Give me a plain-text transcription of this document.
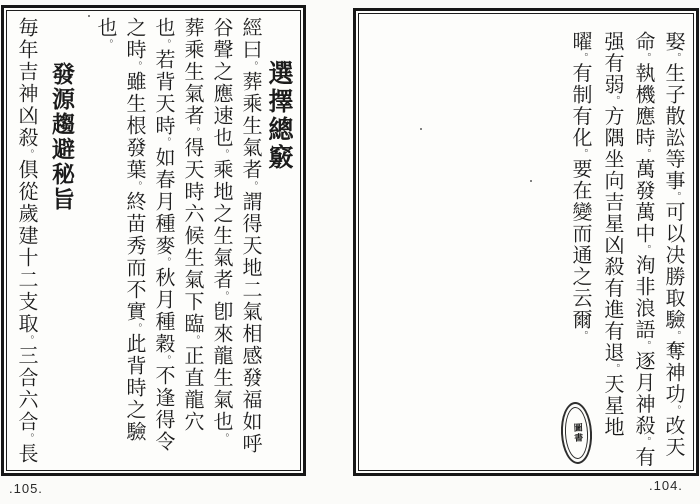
選擇總竅
經曰。葬乘生氣者。謂得天地二氣相感發福如呼
谷聲之應速也。乘地之生氣者。卽來龍生氣也。
葬乘生氣者。得天時六候生氣下臨。正直龍穴
也。若背天時。如春月種麥。秋月種穀。不逢得令
之時。雖生根發葉。終苗秀而不實。此背時之驗
也。
發源趨避秘旨
毎年吉神凶殺。俱從歲建十二支取。三合六合。長
娶。生子散訟等事。可以决勝取驗。奪神功。改天
命。執機應時。萬發萬中。洵非浪語。逐月神殺。有
强有弱。方隅坐向吉星凶殺有進有退。天星地
曜。有制有化。要在變而通之云爾。
圖書
.105.	.104.
